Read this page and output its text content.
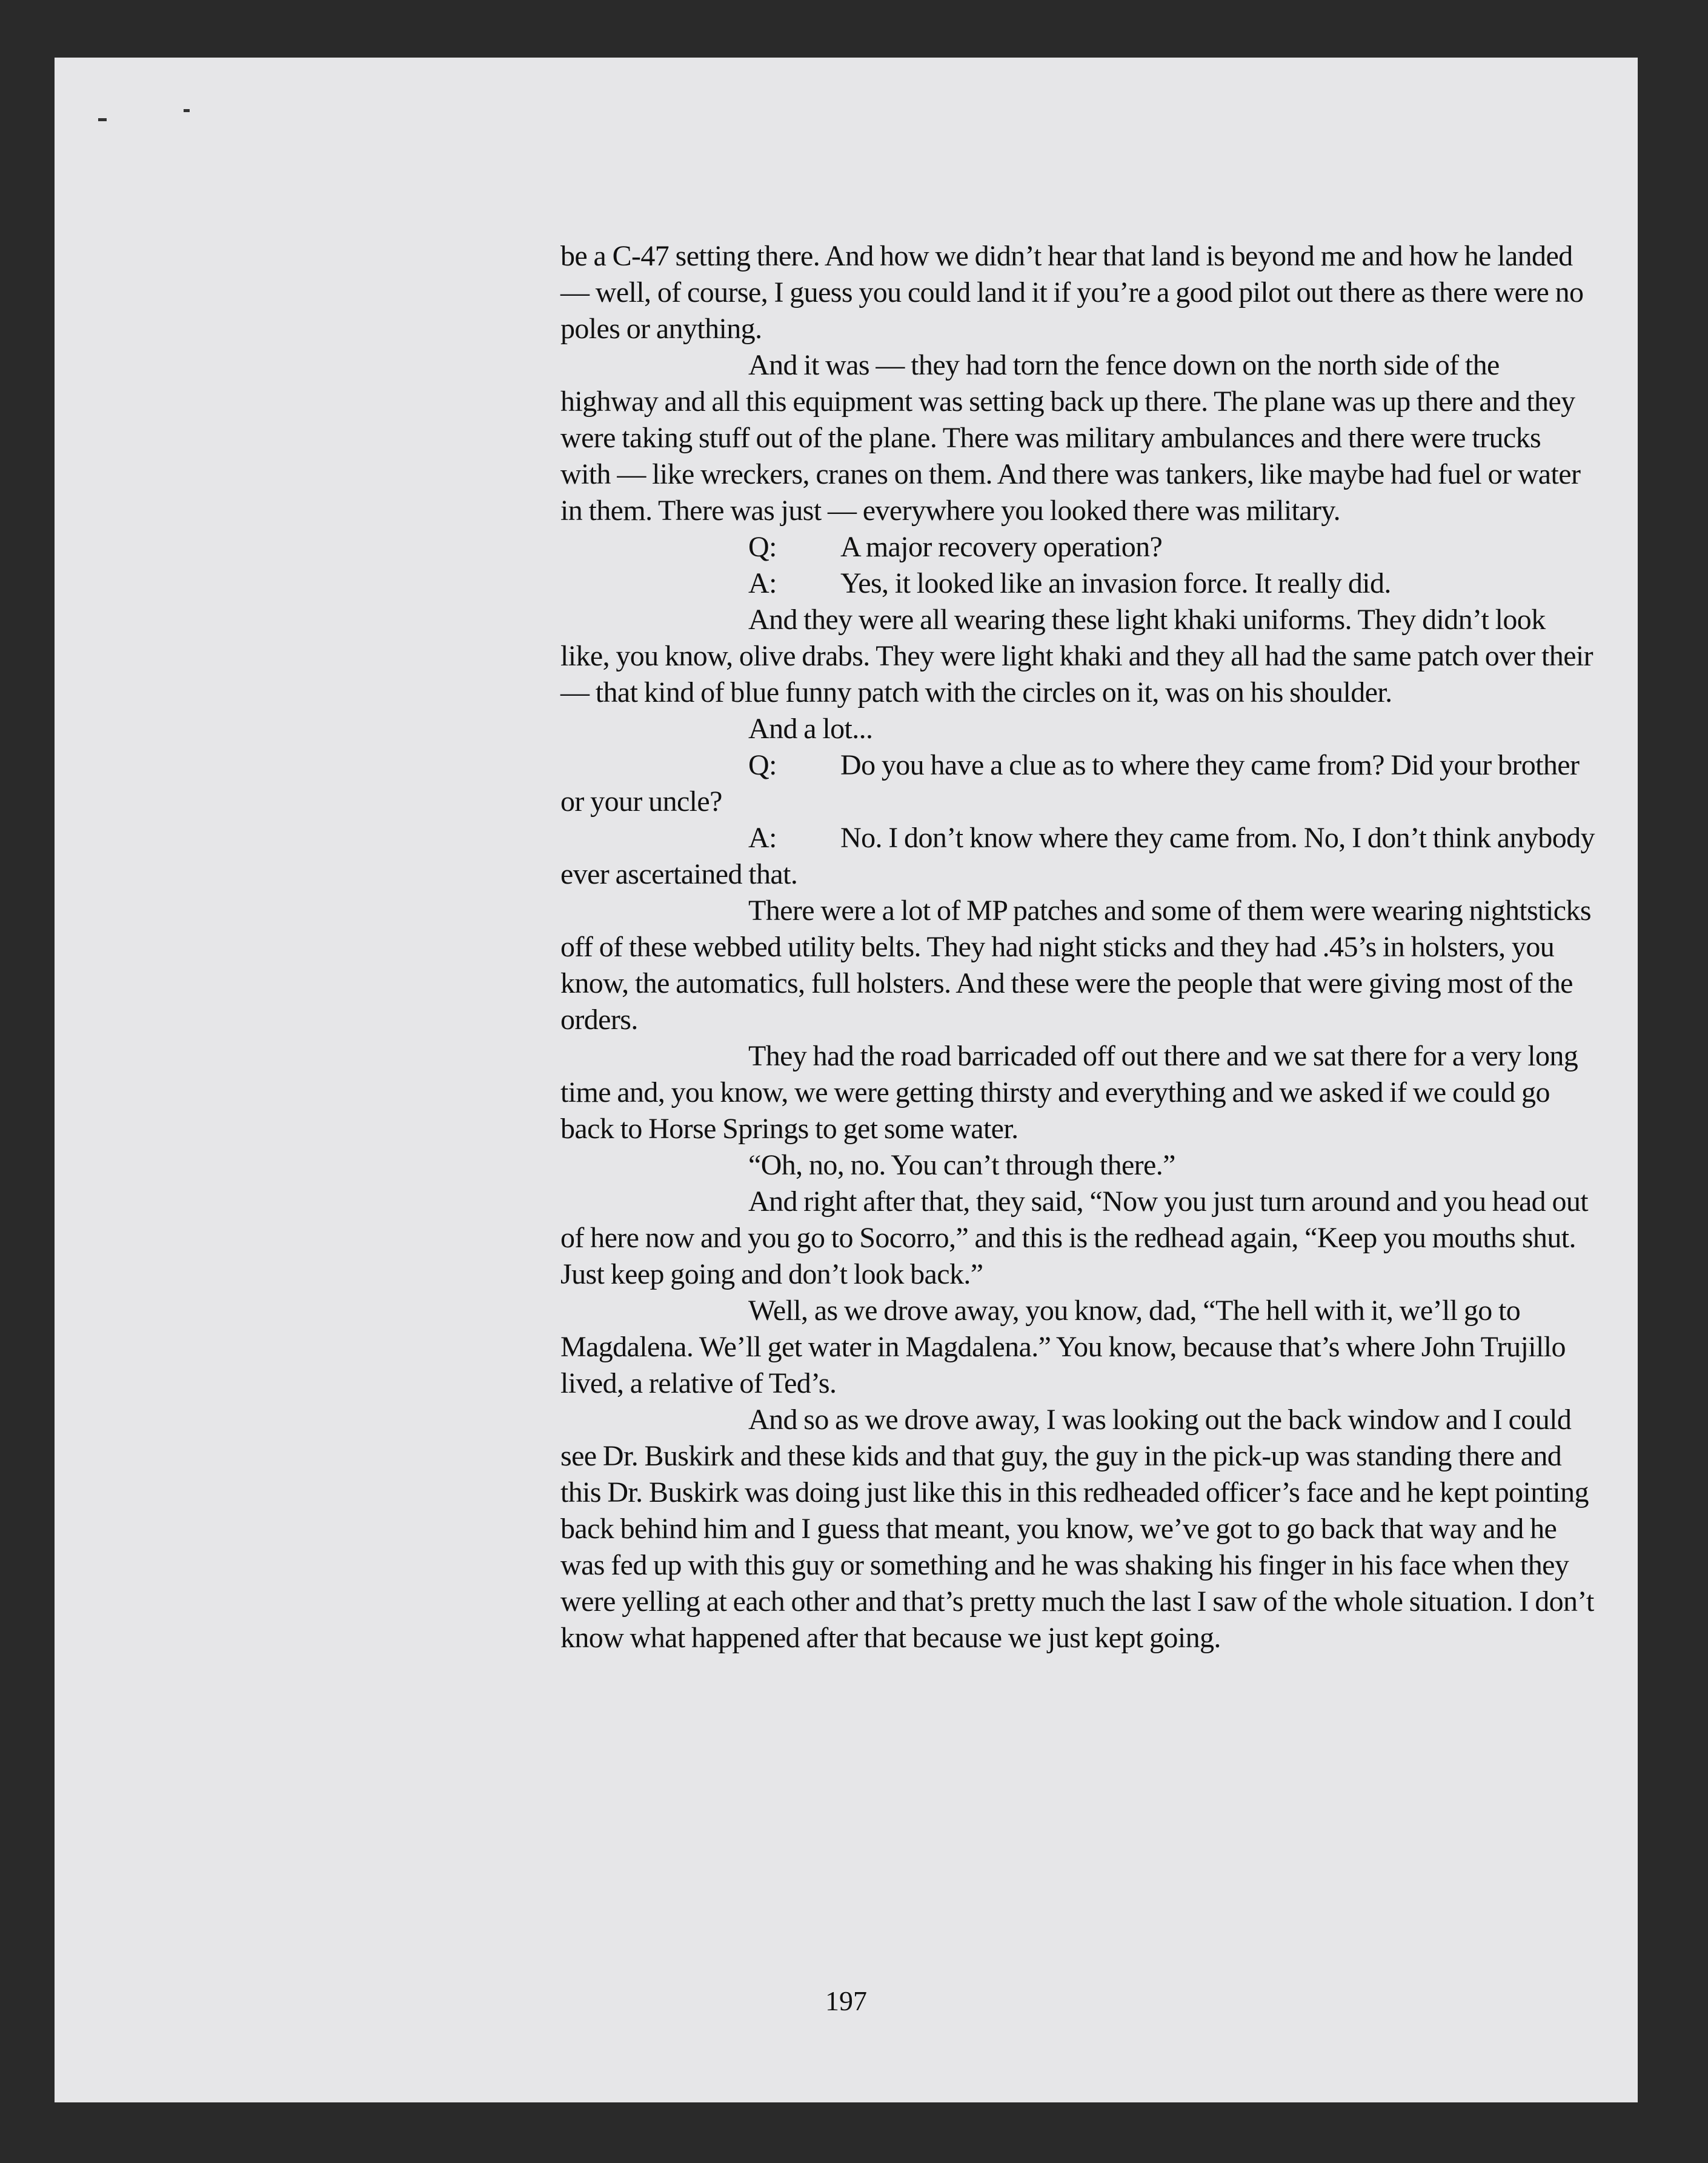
be a C-47 setting there. And how we didn’t hear that land is beyond me and how he landed — well, of course, I guess you could land it if you’re a good pilot out there as there were no poles or anything.

And it was — they had torn the fence down on the north side of the highway and all this equipment was setting back up there. The plane was up there and they were taking stuff out of the plane. There was military ambulances and there were trucks with — like wreckers, cranes on them. And there was tankers, like maybe had fuel or water in them. There was just — everywhere you looked there was military.

Q: A major recovery operation?

A: Yes, it looked like an invasion force. It really did.

And they were all wearing these light khaki uniforms. They didn’t look like, you know, olive drabs. They were light khaki and they all had the same patch over their — that kind of blue funny patch with the circles on it, was on his shoulder.

And a lot...

Q: Do you have a clue as to where they came from? Did your brother or your uncle?

A: No. I don’t know where they came from. No, I don’t think anybody ever ascertained that.

There were a lot of MP patches and some of them were wearing nightsticks off of these webbed utility belts. They had night sticks and they had .45’s in holsters, you know, the automatics, full holsters. And these were the people that were giving most of the orders.

They had the road barricaded off out there and we sat there for a very long time and, you know, we were getting thirsty and everything and we asked if we could go back to Horse Springs to get some water.

“Oh, no, no. You can’t through there.”

And right after that, they said, “Now you just turn around and you head out of here now and you go to Socorro,” and this is the redhead again, “Keep you mouths shut. Just keep going and don’t look back.”

Well, as we drove away, you know, dad, “The hell with it, we’ll go to Magdalena. We’ll get water in Magdalena.” You know, because that’s where John Trujillo lived, a relative of Ted’s.

And so as we drove away, I was looking out the back window and I could see Dr. Buskirk and these kids and that guy, the guy in the pick-up was standing there and this Dr. Buskirk was doing just like this in this redheaded officer’s face and he kept pointing back behind him and I guess that meant, you know, we’ve got to go back that way and he was fed up with this guy or something and he was shaking his finger in his face when they were yelling at each other and that’s pretty much the last I saw of the whole situation. I don’t know what happened after that because we just kept going.

197
